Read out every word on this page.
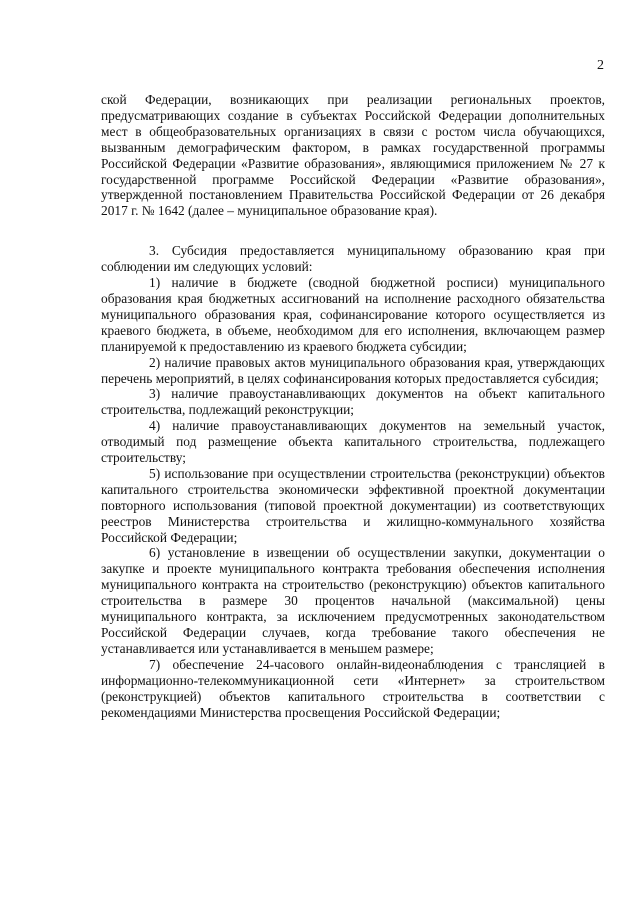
2

ской Федерации, возникающих при реализации региональных проектов, предусматривающих создание в субъектах Российской Федерации дополнительных мест в общеобразовательных организациях в связи с ростом числа обучающихся, вызванным демографическим фактором, в рамках государственной программы Российской Федерации «Развитие образования», являющимися приложением № 27 к государственной программе Российской Федерации «Развитие образования», утвержденной постановлением Правительства Российской Федерации от 26 декабря 2017 г. № 1642 (далее – муниципальное образование края).

3. Субсидия предоставляется муниципальному образованию края при соблюдении им следующих условий:

1) наличие в бюджете (сводной бюджетной росписи) муниципального образования края бюджетных ассигнований на исполнение расходного обязательства муниципального образования края, софинансирование которого осуществляется из краевого бюджета, в объеме, необходимом для его исполнения, включающем размер планируемой к предоставлению из краевого бюджета субсидии;

2) наличие правовых актов муниципального образования края, утверждающих перечень мероприятий, в целях софинансирования которых предоставляется субсидия;

3) наличие правоустанавливающих документов на объект капитального строительства, подлежащий реконструкции;

4) наличие правоустанавливающих документов на земельный участок, отводимый под размещение объекта капитального строительства, подлежащего строительству;

5) использование при осуществлении строительства (реконструкции) объектов капитального строительства экономически эффективной проектной документации повторного использования (типовой проектной документации) из соответствующих реестров Министерства строительства и жилищно-коммунального хозяйства Российской Федерации;

6) установление в извещении об осуществлении закупки, документации о закупке и проекте муниципального контракта требования обеспечения исполнения муниципального контракта на строительство (реконструкцию) объектов капитального строительства в размере 30 процентов начальной (максимальной) цены муниципального контракта, за исключением предусмотренных законодательством Российской Федерации случаев, когда требование такого обеспечения не устанавливается или устанавливается в меньшем размере;

7) обеспечение 24-часового онлайн-видеонаблюдения с трансляцией в информационно-телекоммуникационной сети «Интернет» за строительством (реконструкцией) объектов капитального строительства в соответствии с рекомендациями Министерства просвещения Российской Федерации;
